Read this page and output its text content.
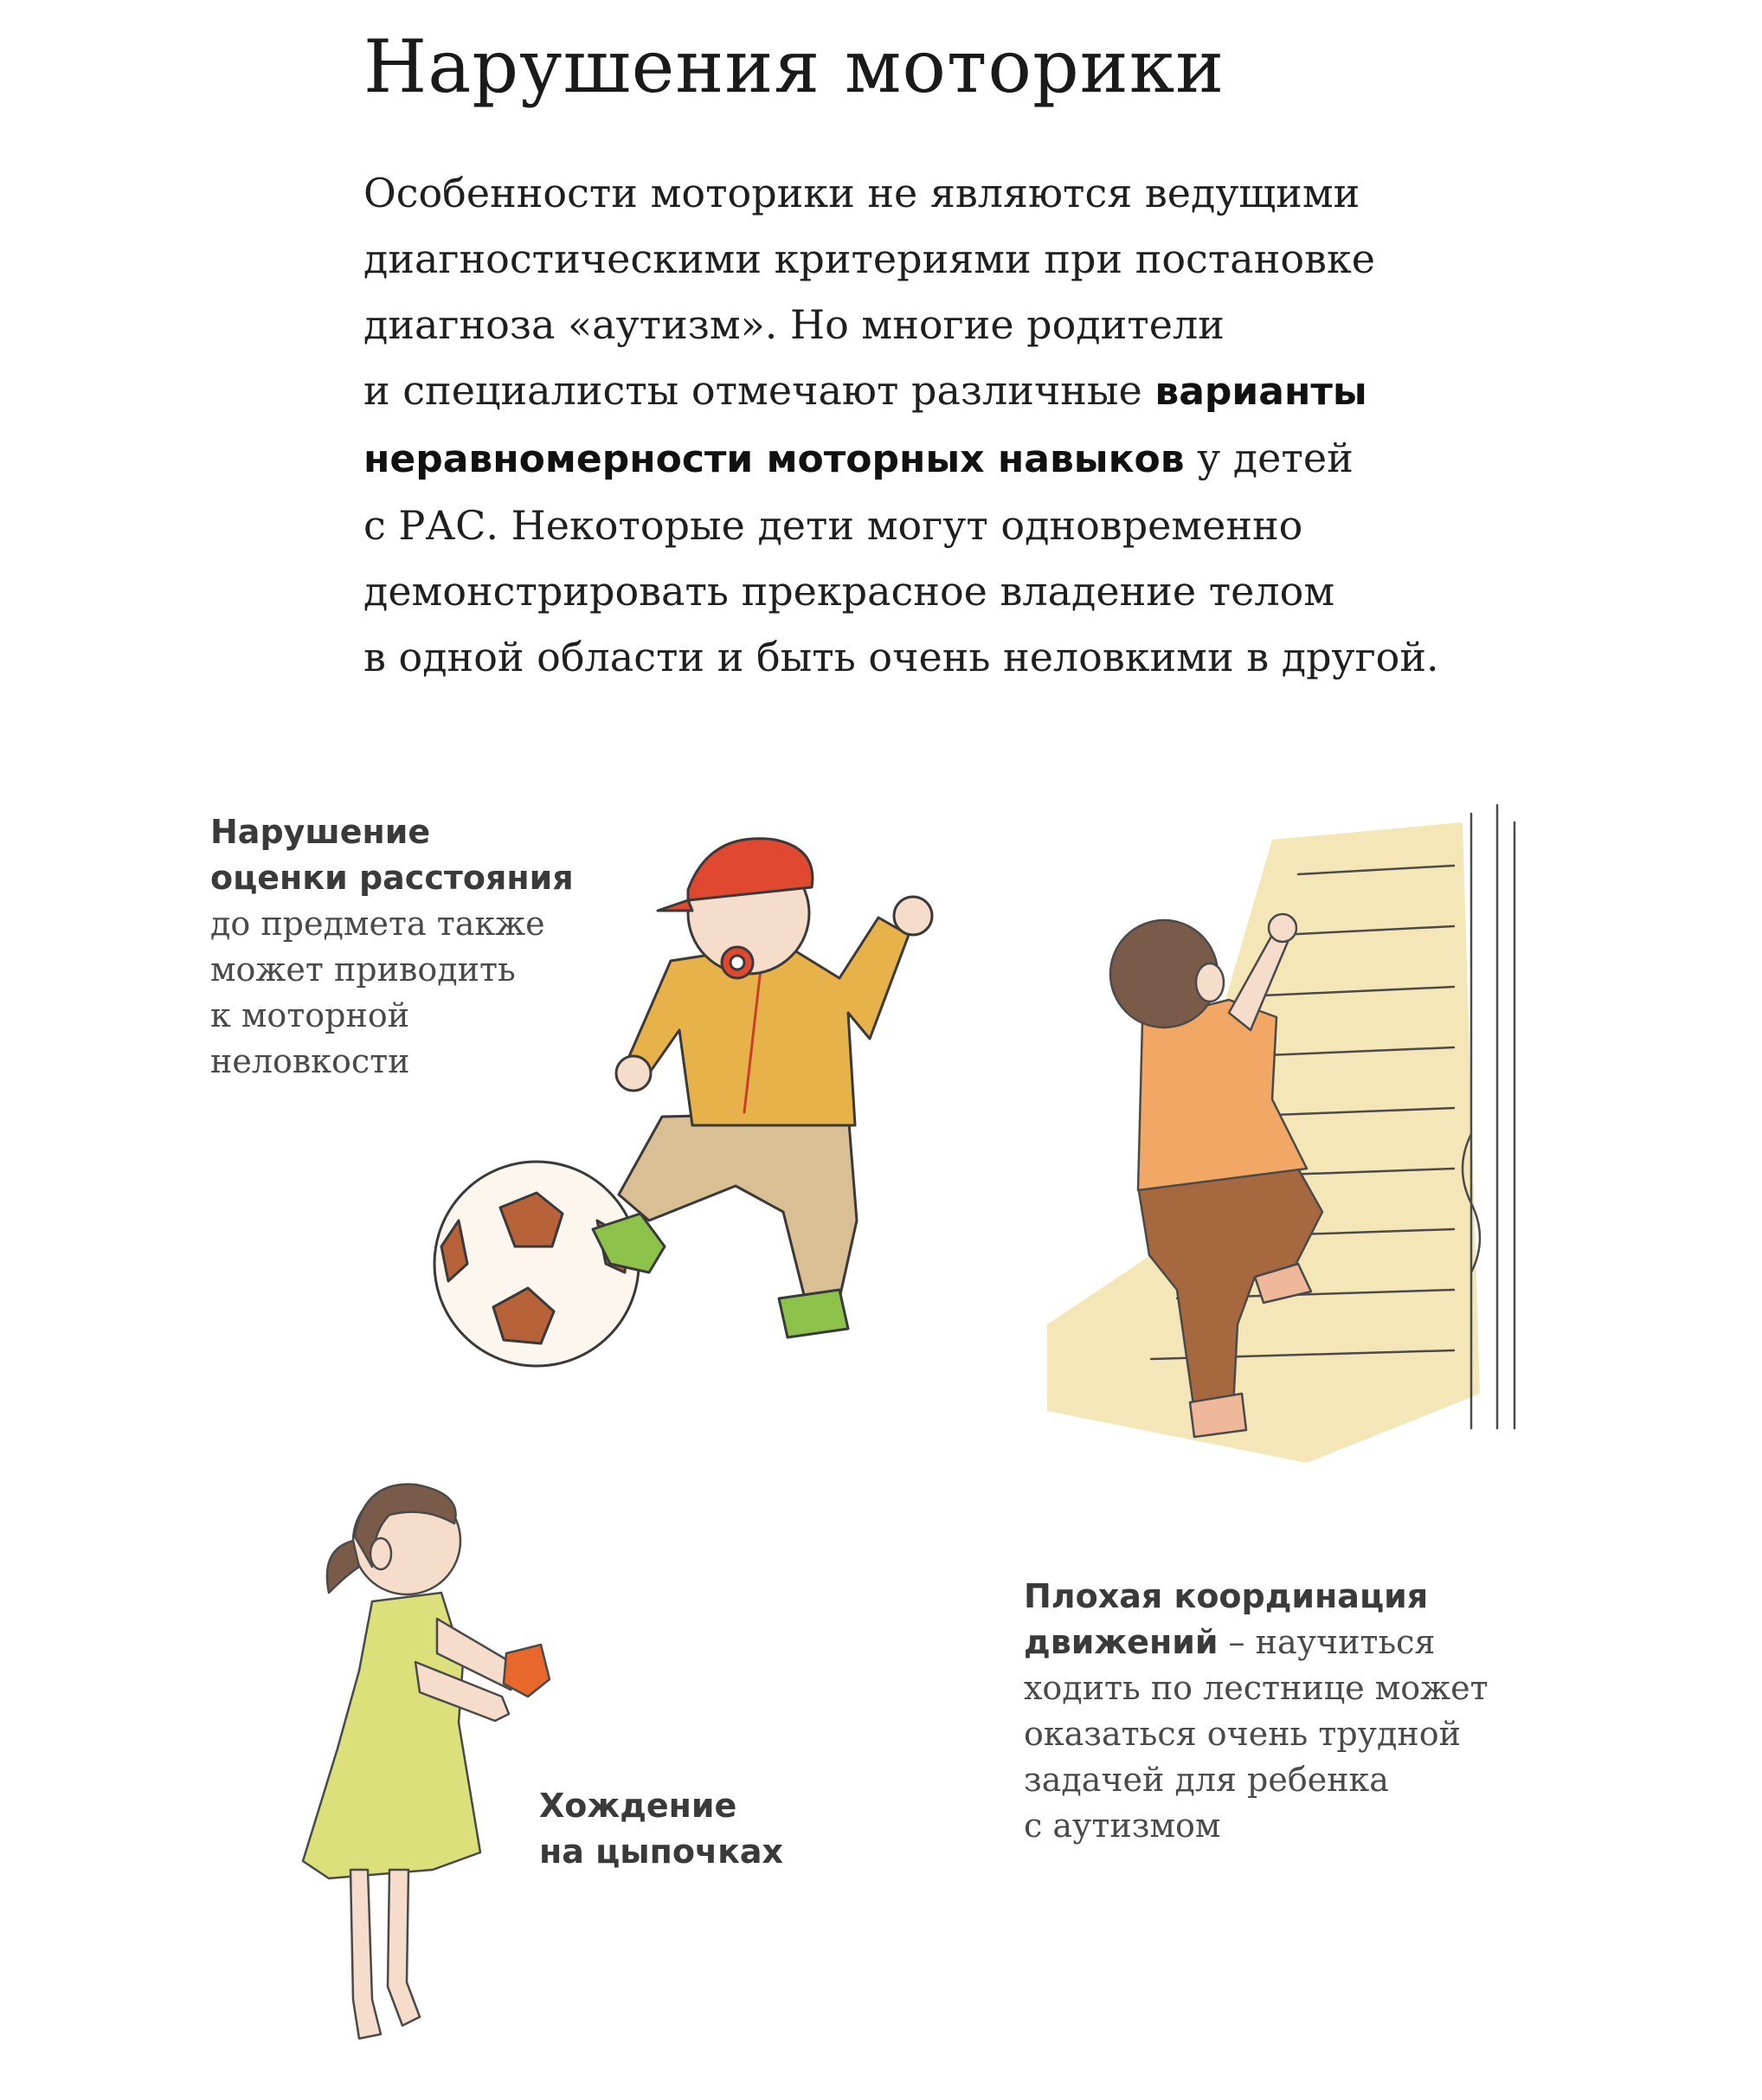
Нарушения моторики

Особенности моторики не являются ведущими
диагностическими критериями при постановке
диагноза «аутизм». Но многие родители
и специалисты отмечают различные варианты
неравномерности моторных навыков у детей
с РАС. Некоторые дети могут одновременно
демонстрировать прекрасное владение телом
в одной области и быть очень неловкими в другой.

Нарушение
оценки расстояния
до предмета также
может приводить
к моторной
неловкости
Плохая координация
движений – научиться
ходить по лестнице может
оказаться очень трудной
задачей для ребенка
с аутизмом
Хождение
на цыпочках
